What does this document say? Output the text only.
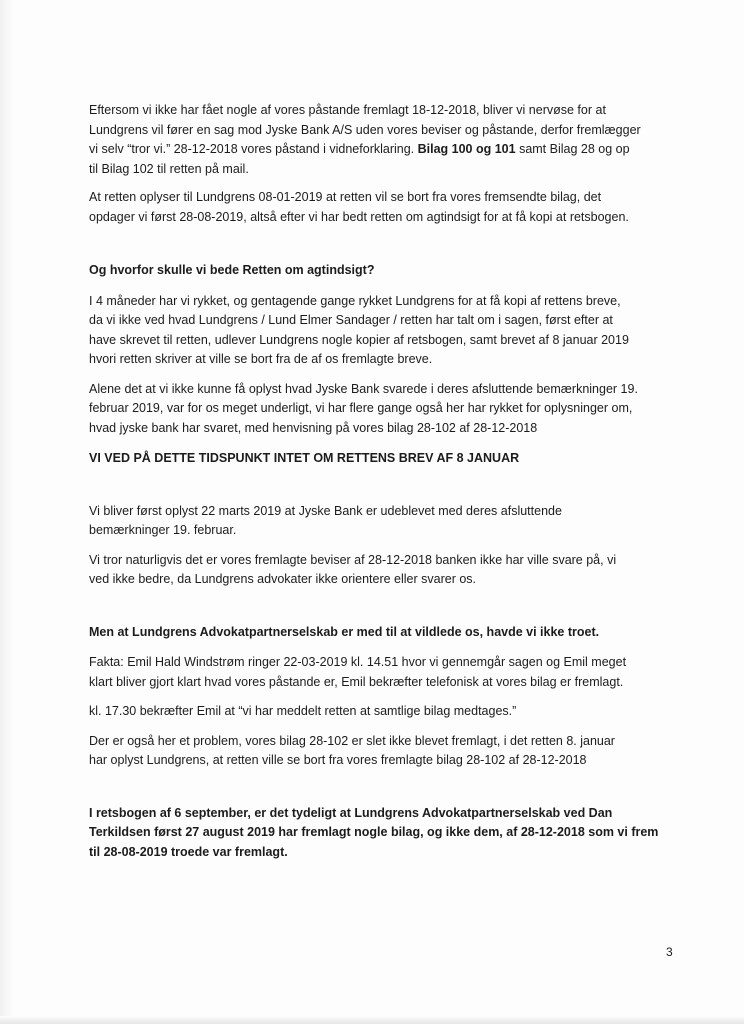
Eftersom vi ikke har fået nogle af vores påstande fremlagt 18-12-2018, bliver vi nervøse for at
Lundgrens vil fører en sag mod Jyske Bank A/S uden vores beviser og påstande, derfor fremlægger
vi selv “tror vi.” 28-12-2018 vores påstand i vidneforklaring. Bilag 100 og 101 samt Bilag 28 og op
til Bilag 102 til retten på mail.

At retten oplyser til Lundgrens 08-01-2019 at retten vil se bort fra vores fremsendte bilag, det
opdager vi først 28-08-2019, altså efter vi har bedt retten om agtindsigt for at få kopi at retsbogen.

Og hvorfor skulle vi bede Retten om agtindsigt?

I 4 måneder har vi rykket, og gentagende gange rykket Lundgrens for at få kopi af rettens breve,
da vi ikke ved hvad Lundgrens / Lund Elmer Sandager / retten har talt om i sagen, først efter at
have skrevet til retten, udlever Lundgrens nogle kopier af retsbogen, samt brevet af 8 januar 2019
hvori retten skriver at ville se bort fra de af os fremlagte breve.

Alene det at vi ikke kunne få oplyst hvad Jyske Bank svarede i deres afsluttende bemærkninger 19.
februar 2019, var for os meget underligt, vi har flere gange også her har rykket for oplysninger om,
hvad jyske bank har svaret, med henvisning på vores bilag 28-102 af 28-12-2018

VI VED PÅ DETTE TIDSPUNKT INTET OM RETTENS BREV AF 8 JANUAR

Vi bliver først oplyst 22 marts 2019 at Jyske Bank er udeblevet med deres afsluttende
bemærkninger 19. februar.

Vi tror naturligvis det er vores fremlagte beviser af 28-12-2018 banken ikke har ville svare på, vi
ved ikke bedre, da Lundgrens advokater ikke orientere eller svarer os.

Men at Lundgrens Advokatpartnerselskab er med til at vildlede os, havde vi ikke troet.

Fakta: Emil Hald Windstrøm ringer 22-03-2019 kl. 14.51 hvor vi gennemgår sagen og Emil meget
klart bliver gjort klart hvad vores påstande er, Emil bekræfter telefonisk at vores bilag er fremlagt.

kl. 17.30 bekræfter Emil at “vi har meddelt retten at samtlige bilag medtages.”

Der er også her et problem, vores bilag 28-102 er slet ikke blevet fremlagt, i det retten 8. januar
har oplyst Lundgrens, at retten ville se bort fra vores fremlagte bilag 28-102 af 28-12-2018

I retsbogen af 6 september, er det tydeligt at Lundgrens Advokatpartnerselskab ved Dan
Terkildsen først 27 august 2019 har fremlagt nogle bilag, og ikke dem, af 28-12-2018 som vi frem
til 28-08-2019 troede var fremlagt.

3
